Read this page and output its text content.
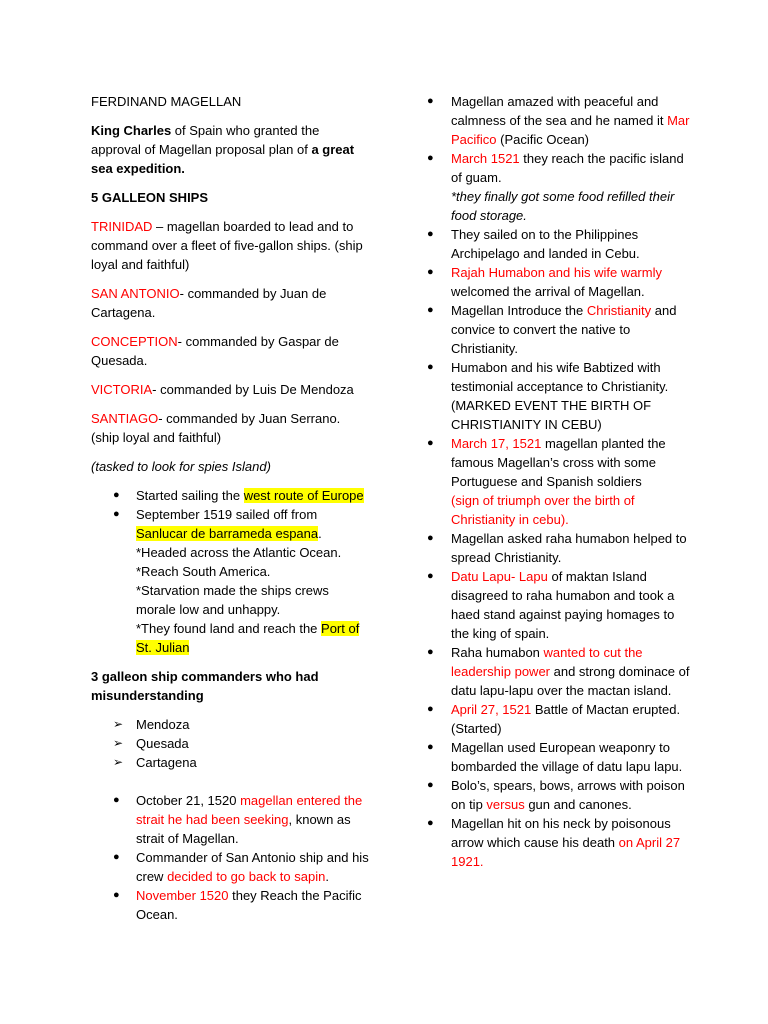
FERDINAND MAGELLAN

King Charles of Spain who granted the approval of Magellan proposal plan of a great sea expedition.

5 GALLEON SHIPS

TRINIDAD – magellan boarded to lead and to command over a fleet of five-gallon ships. (ship loyal and faithful)

SAN ANTONIO- commanded by Juan de Cartagena.

CONCEPTION- commanded by Gaspar de Quesada.

VICTORIA- commanded by Luis De Mendoza

SANTIAGO- commanded by Juan Serrano. (ship loyal and faithful)

(tasked to look for spies Island)

● Started sailing the west route of Europe
● September 1519 sailed off from
Sanlucar de barrameda espana.
*Headed across the Atlantic Ocean.
*Reach South America.
*Starvation made the ships crews morale low and unhappy.
*They found land and reach the Port of St. Julian

3 galleon ship commanders who had misunderstanding

➢ Mendoza
➢ Quesada
➢ Cartagena
● October 21, 1520 magellan entered the strait he had been seeking, known as strait of Magellan.
● Commander of San Antonio ship and his crew decided to go back to sapin.
● November 1520 they Reach the Pacific Ocean.
● Magellan amazed with peaceful and calmness of the sea and he named it Mar Pacifico (Pacific Ocean)
● March 1521 they reach the pacific island of guam.
*they finally got some food refilled their food storage.
● They sailed on to the Philippines Archipelago and landed in Cebu.
● Rajah Humabon and his wife warmly welcomed the arrival of Magellan.
● Magellan Introduce the Christianity and convice to convert the native to Christianity.
● Humabon and his wife Babtized with testimonial acceptance to Christianity. (MARKED EVENT THE BIRTH OF CHRISTIANITY IN CEBU)
● March 17, 1521 magellan planted the famous Magellan’s cross with some Portuguese and Spanish soldiers
(sign of triumph over the birth of Christianity in cebu).
● Magellan asked raha humabon helped to spread Christianity.
● Datu Lapu- Lapu of maktan Island disagreed to raha humabon and took a haed stand against paying homages to the king of spain.
● Raha humabon wanted to cut the leadership power and strong dominace of datu lapu-lapu over the mactan island.
● April 27, 1521 Battle of Mactan erupted. (Started)
● Magellan used European weaponry to bombarded the village of datu lapu lapu.
● Bolo’s, spears, bows, arrows with poison on tip versus gun and canones.
● Magellan hit on his neck by poisonous arrow which cause his death on April 27 1921.
